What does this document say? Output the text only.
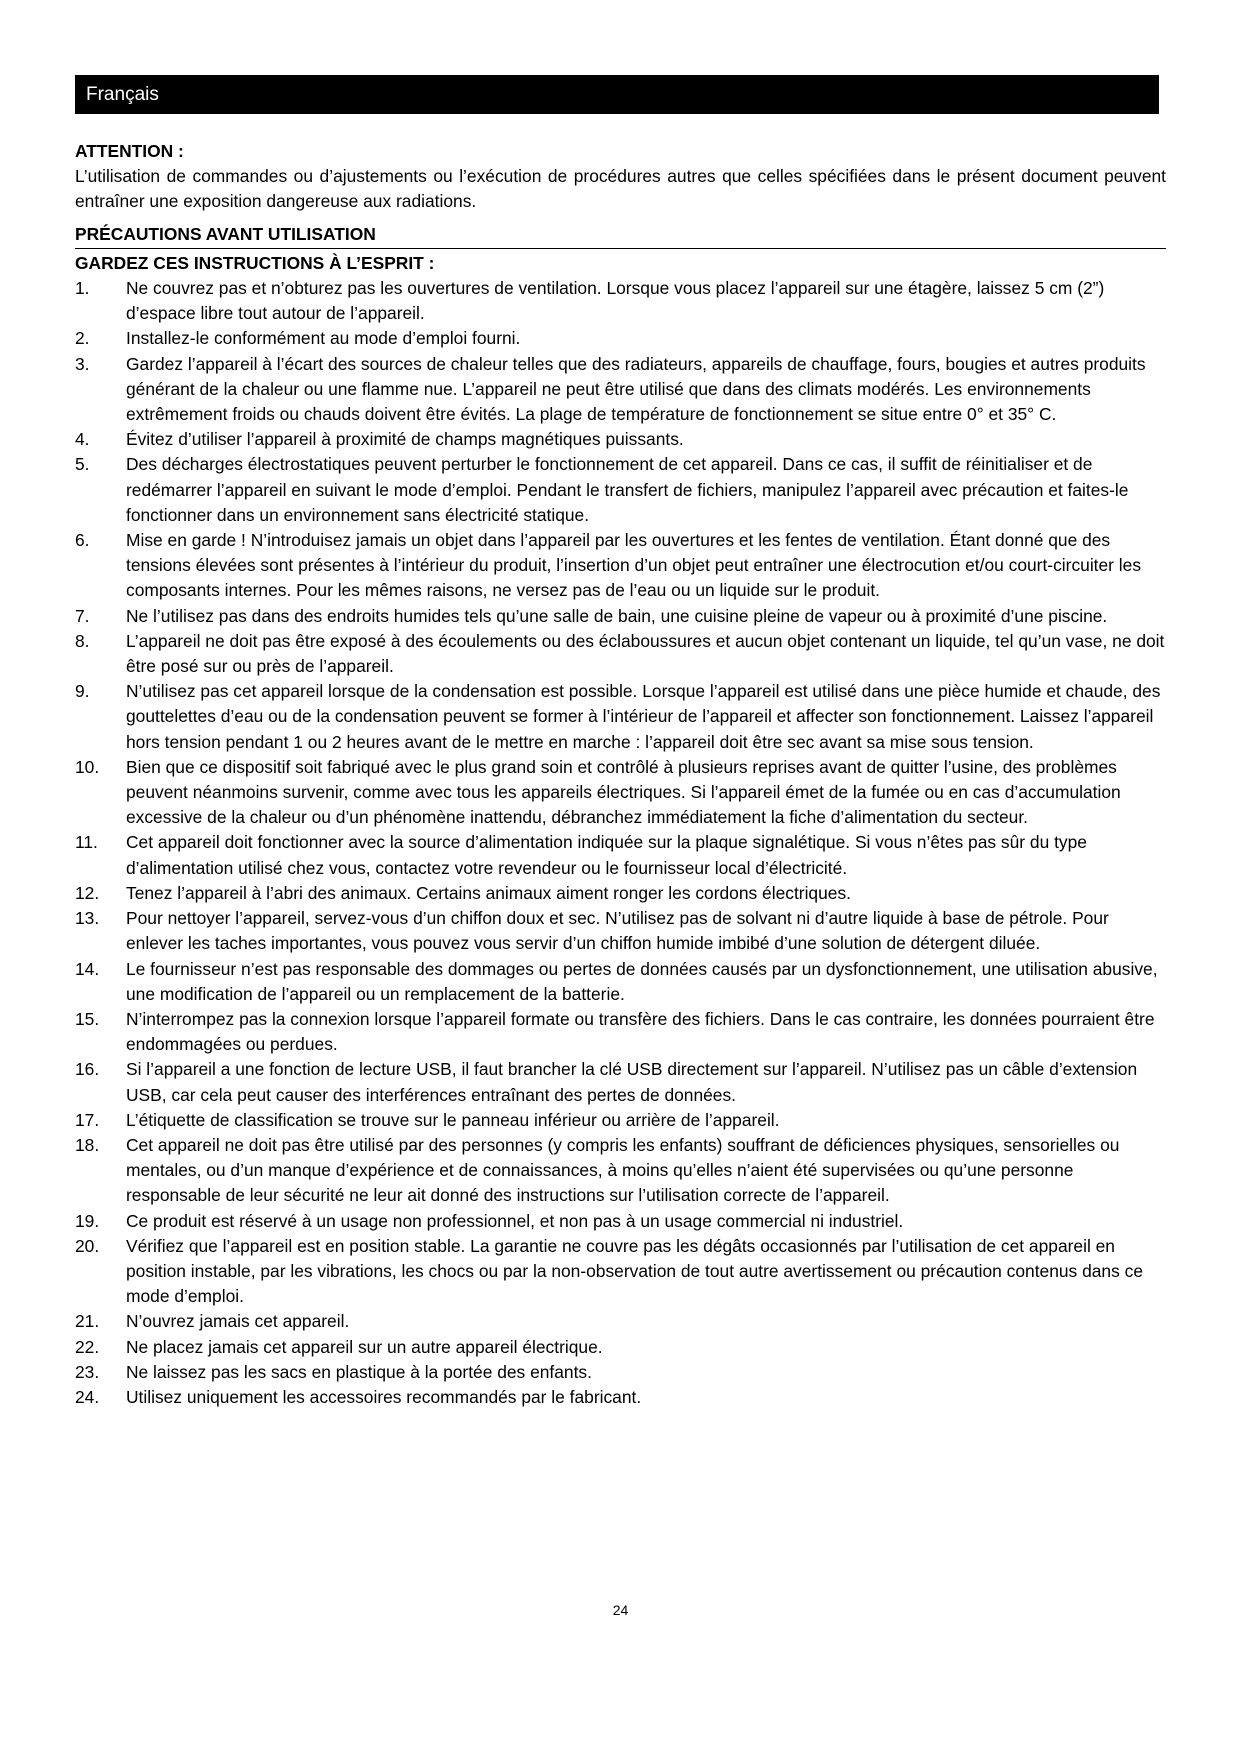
Français

ATTENTION :

L’utilisation de commandes ou d’ajustements ou l’exécution de procédures autres que celles spécifiées dans le présent document peuvent entraîner une exposition dangereuse aux radiations.

PRÉCAUTIONS AVANT UTILISATION

GARDEZ CES INSTRUCTIONS À L’ESPRIT :

1.	Ne couvrez pas et n’obturez pas les ouvertures de ventilation. Lorsque vous placez l’appareil sur une étagère, laissez 5 cm (2”) d’espace libre tout autour de l’appareil.
2.	Installez-le conformément au mode d’emploi fourni.
3.	Gardez l’appareil à l’écart des sources de chaleur telles que des radiateurs, appareils de chauffage, fours, bougies et autres produits générant de la chaleur ou une flamme nue. L’appareil ne peut être utilisé que dans des climats modérés. Les environnements extrêmement froids ou chauds doivent être évités. La plage de température de fonctionnement se situe entre 0° et 35° C.
4.	Évitez d’utiliser l’appareil à proximité de champs magnétiques puissants.
5.	Des décharges électrostatiques peuvent perturber le fonctionnement de cet appareil. Dans ce cas, il suffit de réinitialiser et de redémarrer l’appareil en suivant le mode d’emploi. Pendant le transfert de fichiers, manipulez l’appareil avec précaution et faites-le fonctionner dans un environnement sans électricité statique.
6.	Mise en garde ! N’introduisez jamais un objet dans l’appareil par les ouvertures et les fentes de ventilation. Étant donné que des tensions élevées sont présentes à l’intérieur du produit, l’insertion d’un objet peut entraîner une électrocution et/ou court-circuiter les composants internes. Pour les mêmes raisons, ne versez pas de l’eau ou un liquide sur le produit.
7.	Ne l’utilisez pas dans des endroits humides tels qu’une salle de bain, une cuisine pleine de vapeur ou à proximité d’une piscine.
8.	L’appareil ne doit pas être exposé à des écoulements ou des éclaboussures et aucun objet contenant un liquide, tel qu’un vase, ne doit être posé sur ou près de l’appareil.
9.	N’utilisez pas cet appareil lorsque de la condensation est possible. Lorsque l’appareil est utilisé dans une pièce humide et chaude, des gouttelettes d’eau ou de la condensation peuvent se former à l’intérieur de l’appareil et affecter son fonctionnement. Laissez l’appareil hors tension pendant 1 ou 2 heures avant de le mettre en marche : l’appareil doit être sec avant sa mise sous tension.
10.	Bien que ce dispositif soit fabriqué avec le plus grand soin et contrôlé à plusieurs reprises avant de quitter l’usine, des problèmes peuvent néanmoins survenir, comme avec tous les appareils électriques. Si l’appareil émet de la fumée ou en cas d’accumulation excessive de la chaleur ou d’un phénomène inattendu, débranchez immédiatement la fiche d’alimentation du secteur.
11.	Cet appareil doit fonctionner avec la source d’alimentation indiquée sur la plaque signalétique. Si vous n’êtes pas sûr du type d’alimentation utilisé chez vous, contactez votre revendeur ou le fournisseur local d’électricité.
12.	Tenez l’appareil à l’abri des animaux. Certains animaux aiment ronger les cordons électriques.
13.	Pour nettoyer l’appareil, servez-vous d’un chiffon doux et sec. N’utilisez pas de solvant ni d’autre liquide à base de pétrole. Pour enlever les taches importantes, vous pouvez vous servir d’un chiffon humide imbibé d’une solution de détergent diluée.
14.	Le fournisseur n’est pas responsable des dommages ou pertes de données causés par un dysfonctionnement, une utilisation abusive, une modification de l’appareil ou un remplacement de la batterie.
15.	N’interrompez pas la connexion lorsque l’appareil formate ou transfère des fichiers. Dans le cas contraire, les données pourraient être endommagées ou perdues.
16.	Si l’appareil a une fonction de lecture USB, il faut brancher la clé USB directement sur l’appareil. N’utilisez pas un câble d’extension USB, car cela peut causer des interférences entraînant des pertes de données.
17.	L’étiquette de classification se trouve sur le panneau inférieur ou arrière de l’appareil.
18.	Cet appareil ne doit pas être utilisé par des personnes (y compris les enfants) souffrant de déficiences physiques, sensorielles ou mentales, ou d’un manque d’expérience et de connaissances, à moins qu’elles n’aient été supervisées ou qu’une personne responsable de leur sécurité ne leur ait donné des instructions sur l’utilisation correcte de l’appareil.
19.	Ce produit est réservé à un usage non professionnel, et non pas à un usage commercial ni industriel.
20.	Vérifiez que l’appareil est en position stable. La garantie ne couvre pas les dégâts occasionnés par l’utilisation de cet appareil en position instable, par les vibrations, les chocs ou par la non-observation de tout autre avertissement ou précaution contenus dans ce mode d’emploi.
21.	N’ouvrez jamais cet appareil.
22.	Ne placez jamais cet appareil sur un autre appareil électrique.
23.	Ne laissez pas les sacs en plastique à la portée des enfants.
24.	Utilisez uniquement les accessoires recommandés par le fabricant.
24
